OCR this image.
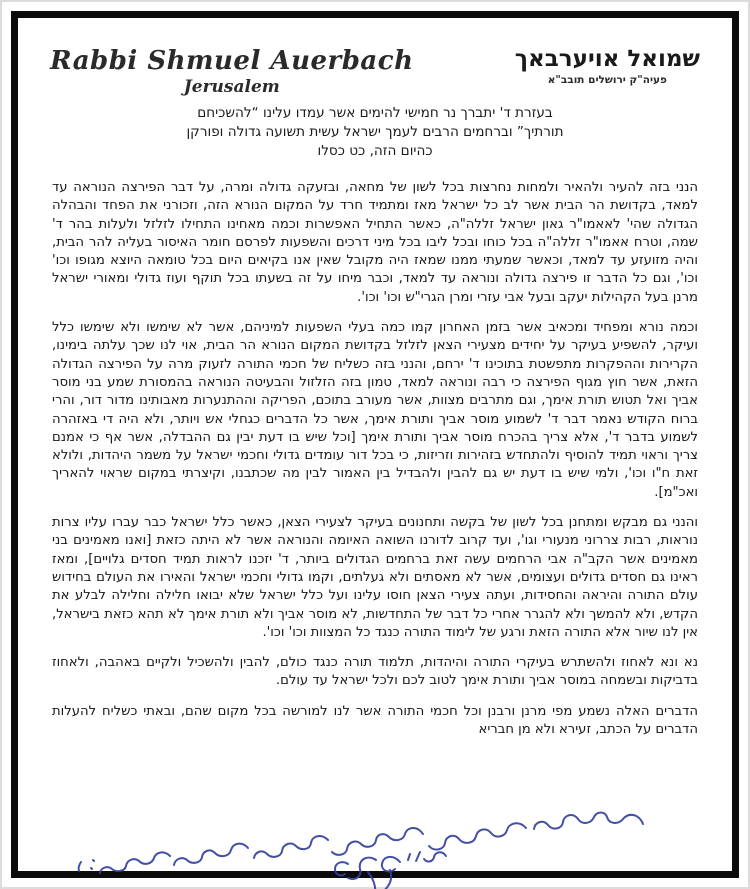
Rabbi Shmuel Auerbach
Jerusalem
שמואל אויערבאך
פעיה"ק ירושלים תובב"א
בעזרת ד' יתברך נר חמישי להימים אשר עמדו עלינו “להשכיחם
תורתיך” וברחמים הרבים לעמך ישראל עשית תשועה גדולה ופורקן
כהיום הזה, כט כסלו

הנני בזה להעיר ולהאיר ולמחות נחרצות בכל לשון של מחאה, ובזעקה גדולה ומרה, על דבר הפירצה הנוראה עד למאד, בקדושת הר הבית אשר לב כל ישראל מאז ומתמיד חרד על המקום הנורא הזה, וזכורני את הפחד והבהלה הגדולה שהי' לאאמו"ר גאון ישראל זללה"ה, כאשר התחיל האפשרות וכמה מאחינו התחילו לזלזל ולעלות בהר ד' שמה, וטרח אאמו"ר זללה"ה בכל כוחו ובכל ליבו בכל מיני דרכים והשפעות לפרסם חומר האיסור בעליה להר הבית, והיה מזועזע עד למאד, וכאשר שמעתי ממנו שמאז היה מקובל שאין אנו בקיאים היום בכל טומאה היוצא מגופו וכו' וכו', וגם כל הדבר זו פירצה גדולה ונוראה עד למאד, וכבר מיחו על זה בשעתו בכל תוקף ועוז גדולי ומאורי ישראל מרנן בעל הקהילות יעקב ובעל אבי עזרי ומרן הגרי"ש וכו' וכו'.

וכמה נורא ומפחיד ומכאיב אשר בזמן האחרון קמו כמה בעלי השפעות למיניהם, אשר לא שימשו ולא שימשו כלל ועיקר, להשפיע בעיקר על יחידים מצעירי הצאן לזלזל בקדושת המקום הנורא הר הבית, אוי לנו שכך עלתה בימינו, הקרירות וההפקרות מתפשטת בתוכינו ד' ירחם, והנני בזה כשליח של חכמי התורה לזעוק מרה על הפירצה הגדולה הזאת, אשר חוץ מגוף הפירצה כי רבה ונוראה למאד, טמון בזה הזלזול והבעיטה הנוראה בהמסורת שמע בני מוסר אביך ואל תטוש תורת אימך, וגם מתרבים מצוות, אשר מעורב בתוכם, הפריקה וההתנערות מאבותינו מדור דור, והרי ברוח הקודש נאמר דבר ד' לשמוע מוסר אביך ותורת אימך, אשר כל הדברים כגחלי אש ויותר, ולא היה די באזהרה לשמוע בדבר ד', אלא צריך בהכרח מוסר אביך ותורת אימך [וכל שיש בו דעת יבין גם ההבדלה, אשר אף כי אמנם צריך וראוי תמיד להוסיף ולהתחדש בזהירות וזריזות, כי בכל דור עומדים גדולי וחכמי ישראל על משמר היהדות, ולולא זאת ח"ו וכו', ולמי שיש בו דעת יש גם להבין ולהבדיל בין האמור לבין מה שכתבנו, וקיצרתי במקום שראוי להאריך ואכ"מ].

והנני גם מבקש ומתחנן בכל לשון של בקשה ותחנונים בעיקר לצעירי הצאן, כאשר כלל ישראל כבר עברו עליו צרות נוראות, רבות צררוני מנעורי וגו', ועד קרוב לדורנו השואה האיומה והנוראה אשר לא היתה כזאת [ואנו מאמינים בני מאמינים אשר הקב"ה אבי הרחמים עשה זאת ברחמים הגדולים ביותר, ד' יזכנו לראות תמיד חסדים גלויים], ומאז ראינו גם חסדים גדולים ועצומים, אשר לא מאסתים ולא געלתים, וקמו גדולי וחכמי ישראל והאירו את העולם בחידוש עולם התורה והיראה והחסידות, ועתה צעירי הצאן חוסו עלינו ועל כלל ישראל שלא יבואו חלילה וחלילה לבלע את הקדש, ולא להמשך ולא להגרר אחרי כל דבר של התחדשות, לא מוסר אביך ולא תורת אימך לא תהא כזאת בישראל, אין לנו שיור אלא התורה הזאת ורגע של לימוד התורה כנגד כל המצוות וכו' וכו'.

נא ונא לאחוז ולהשתרש בעיקרי התורה והיהדות, תלמוד תורה כנגד כולם, להבין ולהשכיל ולקיים באהבה, ולאחוז בדביקות ובשמחה במוסר אביך ותורת אימך לטוב לכם ולכל ישראל עד עולם.

הדברים האלה נשמע מפי מרנן ורבנן וכל חכמי התורה אשר לנו למורשה בכל מקום שהם, ובאתי כשליח להעלות הדברים על הכתב, זעירא ולא מן חבריא
